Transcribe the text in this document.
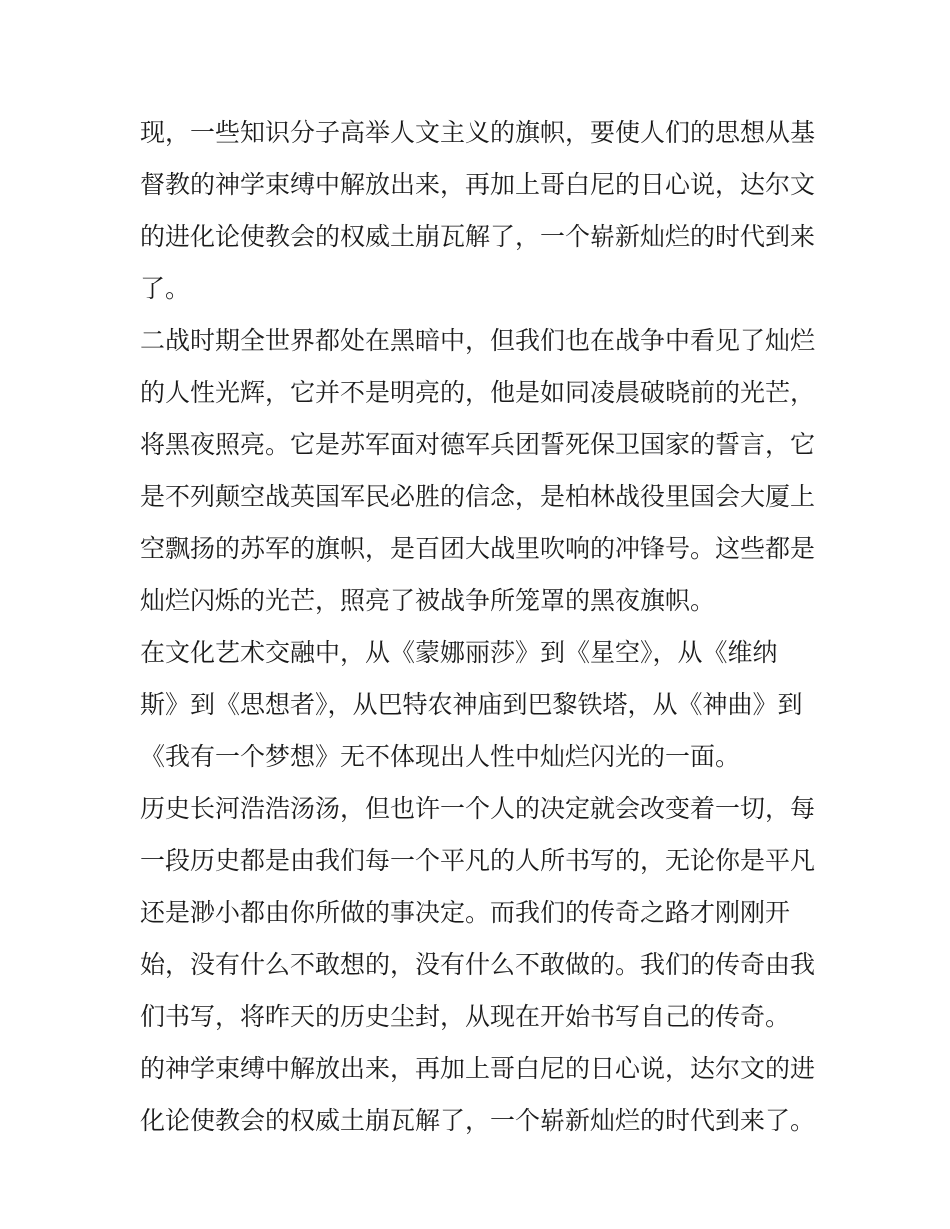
现，一些知识分子高举人文主义的旗帜，要使人们的思想从基
督教的神学束缚中解放出来，再加上哥白尼的日心说，达尔文
的进化论使教会的权威土崩瓦解了，一个崭新灿烂的时代到来
了。
二战时期全世界都处在黑暗中，但我们也在战争中看见了灿烂
的人性光辉，它并不是明亮的，他是如同凌晨破晓前的光芒，
将黑夜照亮。它是苏军面对德军兵团誓死保卫国家的誓言，它
是不列颠空战英国军民必胜的信念，是柏林战役里国会大厦上
空飘扬的苏军的旗帜，是百团大战里吹响的冲锋号。这些都是
灿烂闪烁的光芒，照亮了被战争所笼罩的黑夜旗帜。
在文化艺术交融中，从《蒙娜丽莎》到《星空》，从《维纳
斯》到《思想者》，从巴特农神庙到巴黎铁塔，从《神曲》到
《我有一个梦想》无不体现出人性中灿烂闪光的一面。
历史长河浩浩汤汤，但也许一个人的决定就会改变着一切，每
一段历史都是由我们每一个平凡的人所书写的，无论你是平凡
还是渺小都由你所做的事决定。而我们的传奇之路才刚刚开
始，没有什么不敢想的，没有什么不敢做的。我们的传奇由我
们书写，将昨天的历史尘封，从现在开始书写自己的传奇。
的神学束缚中解放出来，再加上哥白尼的日心说，达尔文的进
化论使教会的权威土崩瓦解了，一个崭新灿烂的时代到来了。
